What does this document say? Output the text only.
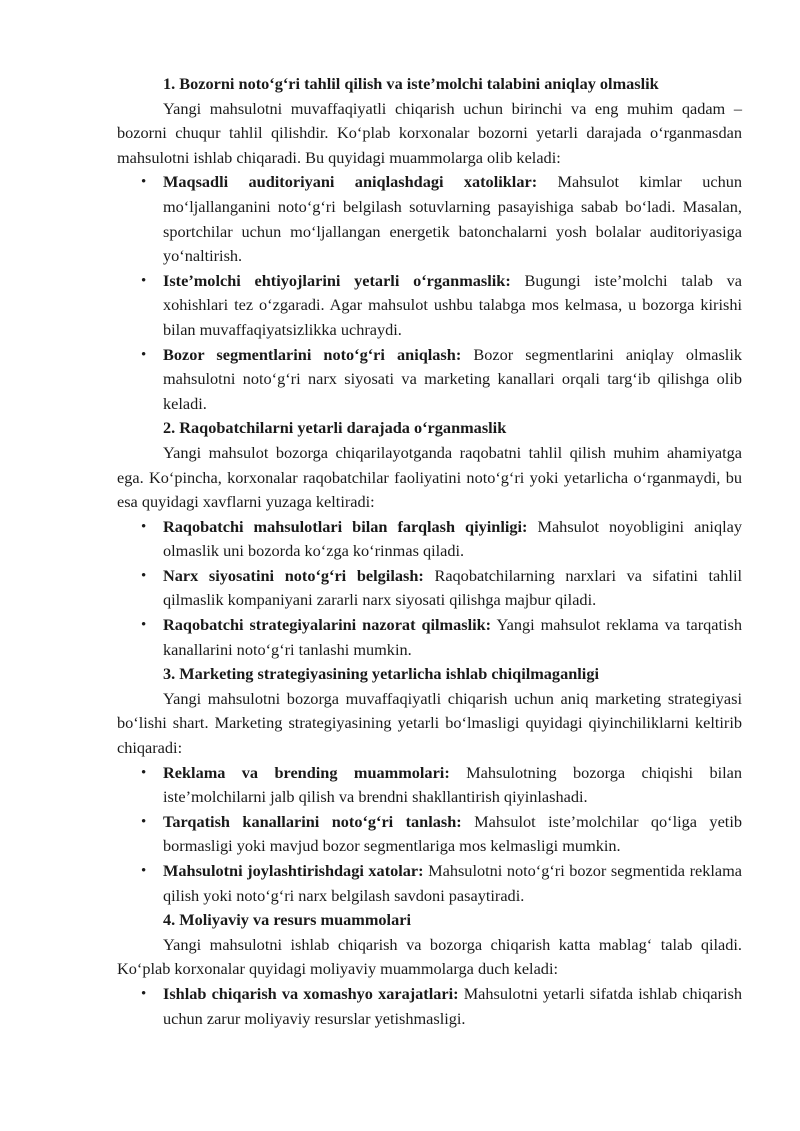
1. Bozorni noto‘g‘ri tahlil qilish va iste’molchi talabini aniqlay olmaslik

Yangi mahsulotni muvaffaqiyatli chiqarish uchun birinchi va eng muhim qadam – bozorni chuqur tahlil qilishdir. Ko‘plab korxonalar bozorni yetarli darajada o‘rganmasdan mahsulotni ishlab chiqaradi. Bu quyidagi muammolarga olib keladi:

• Maqsadli auditoriyani aniqlashdagi xatoliklar: Mahsulot kimlar uchun mo‘ljallanganini noto‘g‘ri belgilash sotuvlarning pasayishiga sabab bo‘ladi. Masalan, sportchilar uchun mo‘ljallangan energetik batonchalarni yosh bolalar auditoriyasiga yo‘naltirish.
• Iste’molchi ehtiyojlarini yetarli o‘rganmaslik: Bugungi iste’molchi talab va xohishlari tez o‘zgaradi. Agar mahsulot ushbu talabga mos kelmasa, u bozorga kirishi bilan muvaffaqiyatsizlikka uchraydi.
• Bozor segmentlarini noto‘g‘ri aniqlash: Bozor segmentlarini aniqlay olmaslik mahsulotni noto‘g‘ri narx siyosati va marketing kanallari orqali targ‘ib qilishga olib keladi.

2. Raqobatchilarni yetarli darajada o‘rganmaslik

Yangi mahsulot bozorga chiqarilayotganda raqobatni tahlil qilish muhim ahamiyatga ega. Ko‘pincha, korxonalar raqobatchilar faoliyatini noto‘g‘ri yoki yetarlicha o‘rganmaydi, bu esa quyidagi xavflarni yuzaga keltiradi:

• Raqobatchi mahsulotlari bilan farqlash qiyinligi: Mahsulot noyobligini aniqlay olmaslik uni bozorda ko‘zga ko‘rinmas qiladi.
• Narx siyosatini noto‘g‘ri belgilash: Raqobatchilarning narxlari va sifatini tahlil qilmaslik kompaniyani zararli narx siyosati qilishga majbur qiladi.
• Raqobatchi strategiyalarini nazorat qilmaslik: Yangi mahsulot reklama va tarqatish kanallarini noto‘g‘ri tanlashi mumkin.

3. Marketing strategiyasining yetarlicha ishlab chiqilmaganligi

Yangi mahsulotni bozorga muvaffaqiyatli chiqarish uchun aniq marketing strategiyasi bo‘lishi shart. Marketing strategiyasining yetarli bo‘lmasligi quyidagi qiyinchiliklarni keltirib chiqaradi:

• Reklama va brending muammolari: Mahsulotning bozorga chiqishi bilan iste’molchilarni jalb qilish va brendni shakllantirish qiyinlashadi.
• Tarqatish kanallarini noto‘g‘ri tanlash: Mahsulot iste’molchilar qo‘liga yetib bormasligi yoki mavjud bozor segmentlariga mos kelmasligi mumkin.
• Mahsulotni joylashtirishdagi xatolar: Mahsulotni noto‘g‘ri bozor segmentida reklama qilish yoki noto‘g‘ri narx belgilash savdoni pasaytiradi.

4. Moliyaviy va resurs muammolari

Yangi mahsulotni ishlab chiqarish va bozorga chiqarish katta mablag‘ talab qiladi. Ko‘plab korxonalar quyidagi moliyaviy muammolarga duch keladi:

• Ishlab chiqarish va xomashyo xarajatlari: Mahsulotni yetarli sifatda ishlab chiqarish uchun zarur moliyaviy resurslar yetishmasligi.
